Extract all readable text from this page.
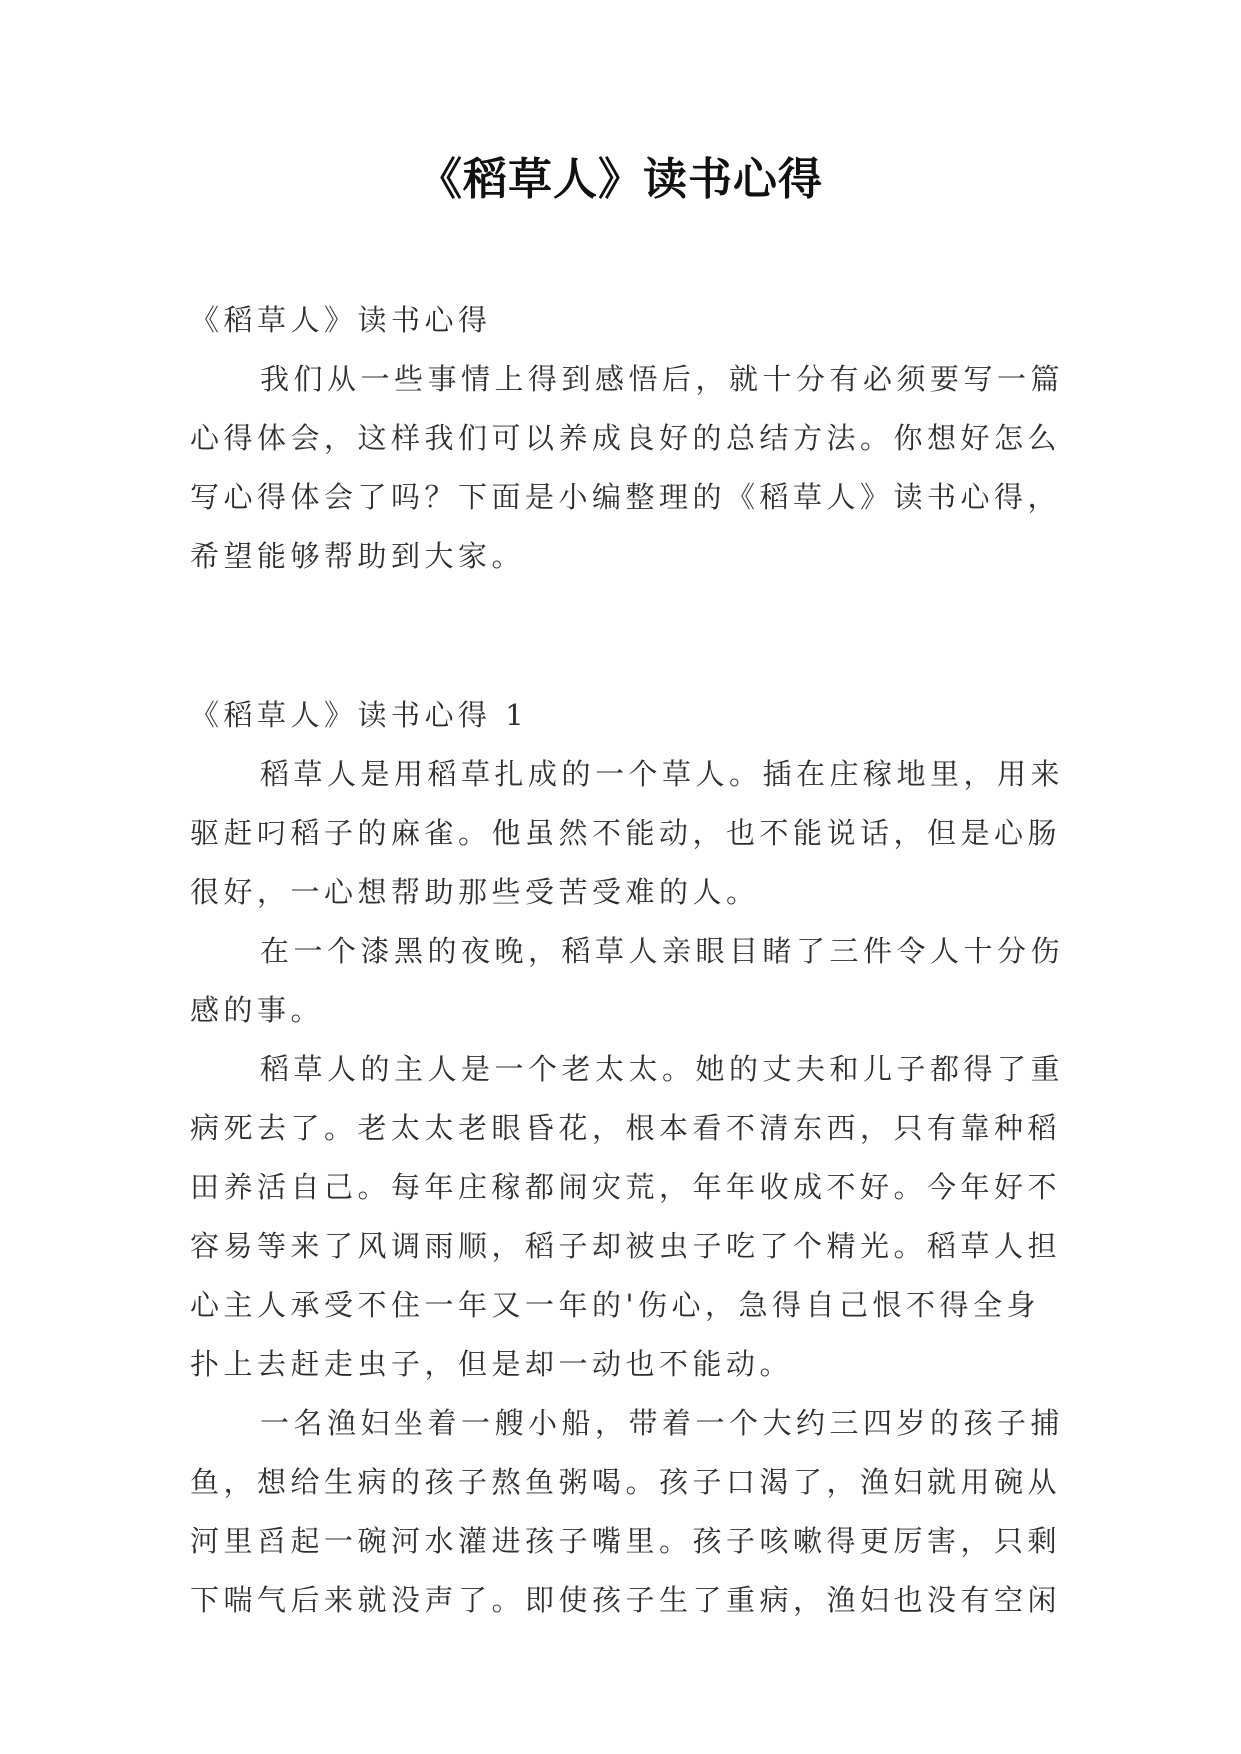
《稻草人》读书心得
《稻草人》读书心得
我们从一些事情上得到感悟后，就十分有必须要写一篇
心得体会，这样我们可以养成良好的总结方法。你想好怎么
写心得体会了吗？下面是小编整理的《稻草人》读书心得，
希望能够帮助到大家。
《稻草人》读书心得 1
稻草人是用稻草扎成的一个草人。插在庄稼地里，用来
驱赶叼稻子的麻雀。他虽然不能动，也不能说话，但是心肠
很好，一心想帮助那些受苦受难的人。
在一个漆黑的夜晚，稻草人亲眼目睹了三件令人十分伤
感的事。
稻草人的主人是一个老太太。她的丈夫和儿子都得了重
病死去了。老太太老眼昏花，根本看不清东西，只有靠种稻
田养活自己。每年庄稼都闹灾荒，年年收成不好。今年好不
容易等来了风调雨顺，稻子却被虫子吃了个精光。稻草人担
心主人承受不住一年又一年的'伤心，急得自己恨不得全身
扑上去赶走虫子，但是却一动也不能动。
一名渔妇坐着一艘小船，带着一个大约三四岁的孩子捕
鱼，想给生病的孩子熬鱼粥喝。孩子口渴了，渔妇就用碗从
河里舀起一碗河水灌进孩子嘴里。孩子咳嗽得更厉害，只剩
下喘气后来就没声了。即使孩子生了重病，渔妇也没有空闲
